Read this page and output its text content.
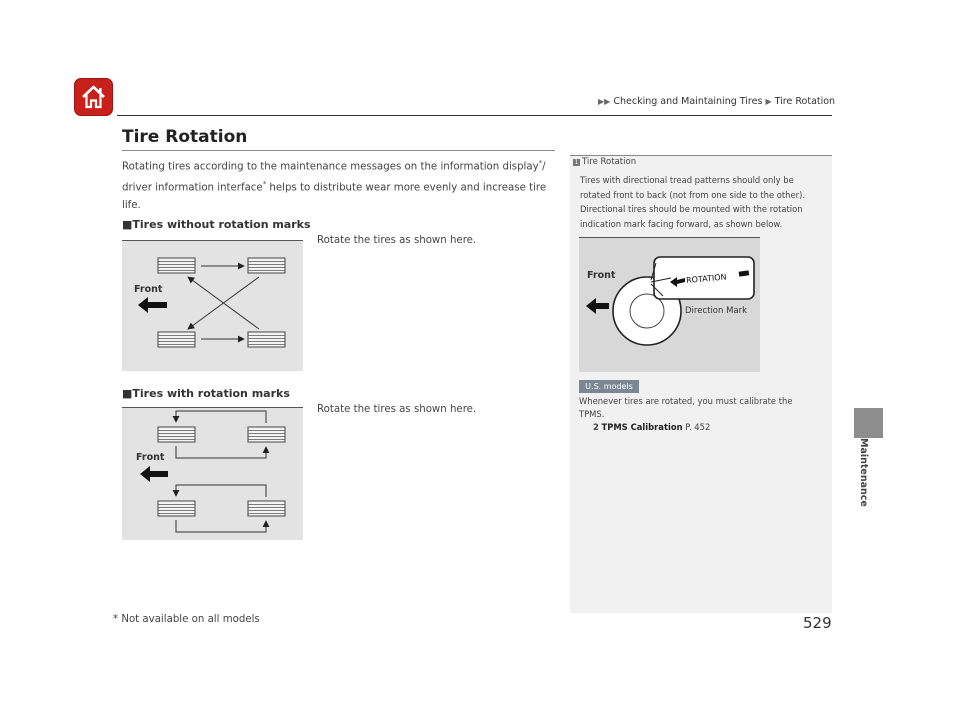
▶▶ Checking and Maintaining Tires ▶ Tire Rotation
Tire Rotation
Rotating tires according to the maintenance messages on the information display*/ driver information interface* helps to distribute wear more evenly and increase tire life.
■Tires without rotation marks
Rotate the tires as shown here.
Front
■Tires with rotation marks
Rotate the tires as shown here.
Front
1 Tire Rotation
Tires with directional tread patterns should only be rotated front to back (not from one side to the other). Directional tires should be mounted with the rotation indication mark facing forward, as shown below.
ROTATION
Front
Direction Mark
U.S. models
Whenever tires are rotated, you must calibrate the TPMS.
2 TPMS Calibration P. 452
Maintenance
* Not available on all models	529
